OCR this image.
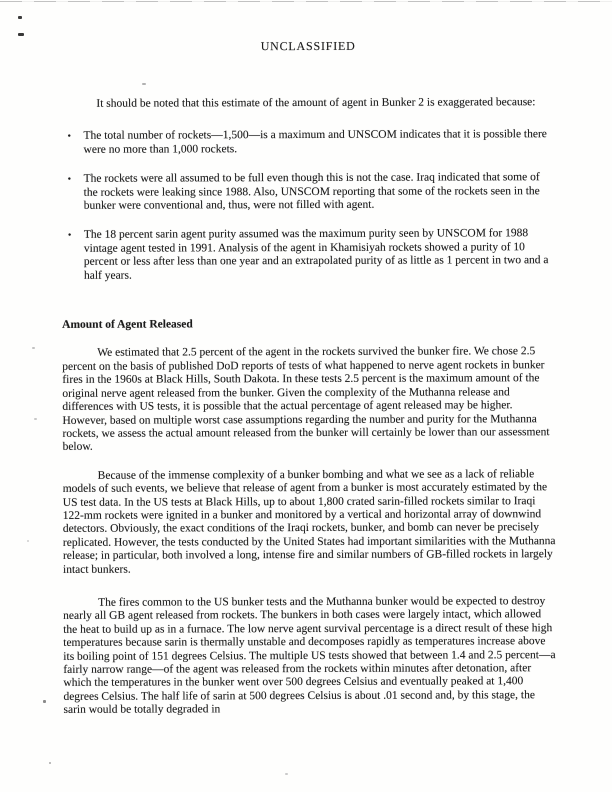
UNCLASSIFIED

It should be noted that this estimate of the amount of agent in Bunker 2 is exaggerated because:

•	The total number of rockets—1,500—is a maximum and UNSCOM indicates that it is possible there were no more than 1,000 rockets.
•	The rockets were all assumed to be full even though this is not the case. Iraq indicated that some of the rockets were leaking since 1988. Also, UNSCOM reporting that some of the rockets seen in the bunker were conventional and, thus, were not filled with agent.
•	The 18 percent sarin agent purity assumed was the maximum purity seen by UNSCOM for 1988 vintage agent tested in 1991. Analysis of the agent in Khamisiyah rockets showed a purity of 10 percent or less after less than one year and an extrapolated purity of as little as 1 percent in two and a half years.
Amount of Agent Released

We estimated that 2.5 percent of the agent in the rockets survived the bunker fire. We chose 2.5 percent on the basis of published DoD reports of tests of what happened to nerve agent rockets in bunker fires in the 1960s at Black Hills, South Dakota. In these tests 2.5 percent is the maximum amount of the original nerve agent released from the bunker. Given the complexity of the Muthanna release and differences with US tests, it is possible that the actual percentage of agent released may be higher. However, based on multiple worst case assumptions regarding the number and purity for the Muthanna rockets, we assess the actual amount released from the bunker will certainly be lower than our assessment below.

Because of the immense complexity of a bunker bombing and what we see as a lack of reliable models of such events, we believe that release of agent from a bunker is most accurately estimated by the US test data. In the US tests at Black Hills, up to about 1,800 crated sarin-filled rockets similar to Iraqi 122-mm rockets were ignited in a bunker and monitored by a vertical and horizontal array of downwind detectors. Obviously, the exact conditions of the Iraqi rockets, bunker, and bomb can never be precisely replicated. However, the tests conducted by the United States had important similarities with the Muthanna release; in particular, both involved a long, intense fire and similar numbers of GB-filled rockets in largely intact bunkers.

The fires common to the US bunker tests and the Muthanna bunker would be expected to destroy nearly all GB agent released from rockets. The bunkers in both cases were largely intact, which allowed the heat to build up as in a furnace. The low nerve agent survival percentage is a direct result of these high temperatures because sarin is thermally unstable and decomposes rapidly as temperatures increase above its boiling point of 151 degrees Celsius. The multiple US tests showed that between 1.4 and 2.5 percent—a fairly narrow range—of the agent was released from the rockets within minutes after detonation, after which the temperatures in the bunker went over 500 degrees Celsius and eventually peaked at 1,400 degrees Celsius. The half life of sarin at 500 degrees Celsius is about .01 second and, by this stage, the sarin would be totally degraded in
